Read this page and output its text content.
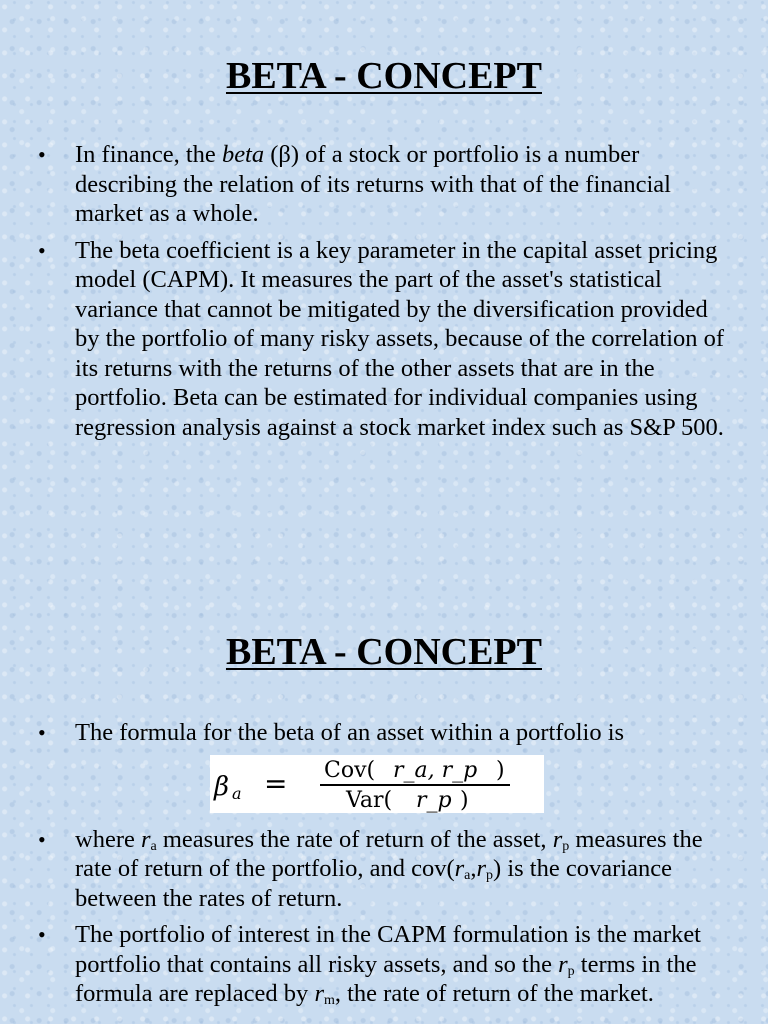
BETA - CONCEPT
• In finance, the beta (β) of a stock or portfolio is a number describing the relation of its returns with that of the financial market as a whole.
• The beta coefficient is a key parameter in the capital asset pricing model (CAPM). It measures the part of the asset's statistical variance that cannot be mitigated by the diversification provided by the portfolio of many risky assets, because of the correlation of its returns with the returns of the other assets that are in the portfolio. Beta can be estimated for individual companies using regression analysis against a stock market index such as S&P 500.
BETA - CONCEPT
• The formula for the beta of an asset within a portfolio is
β a = Cov( r_a, r_p )
Var( r_p )
• where $r_a$ measures the rate of return of the asset, $r_p$ measures the rate of return of the portfolio, and $cov(r_a,r_p)$ is the covariance between the rates of return.
• The portfolio of interest in the CAPM formulation is the market portfolio that contains all risky assets, and so the $r_p$ terms in the formula are replaced by $r_m$, the rate of return of the market.
